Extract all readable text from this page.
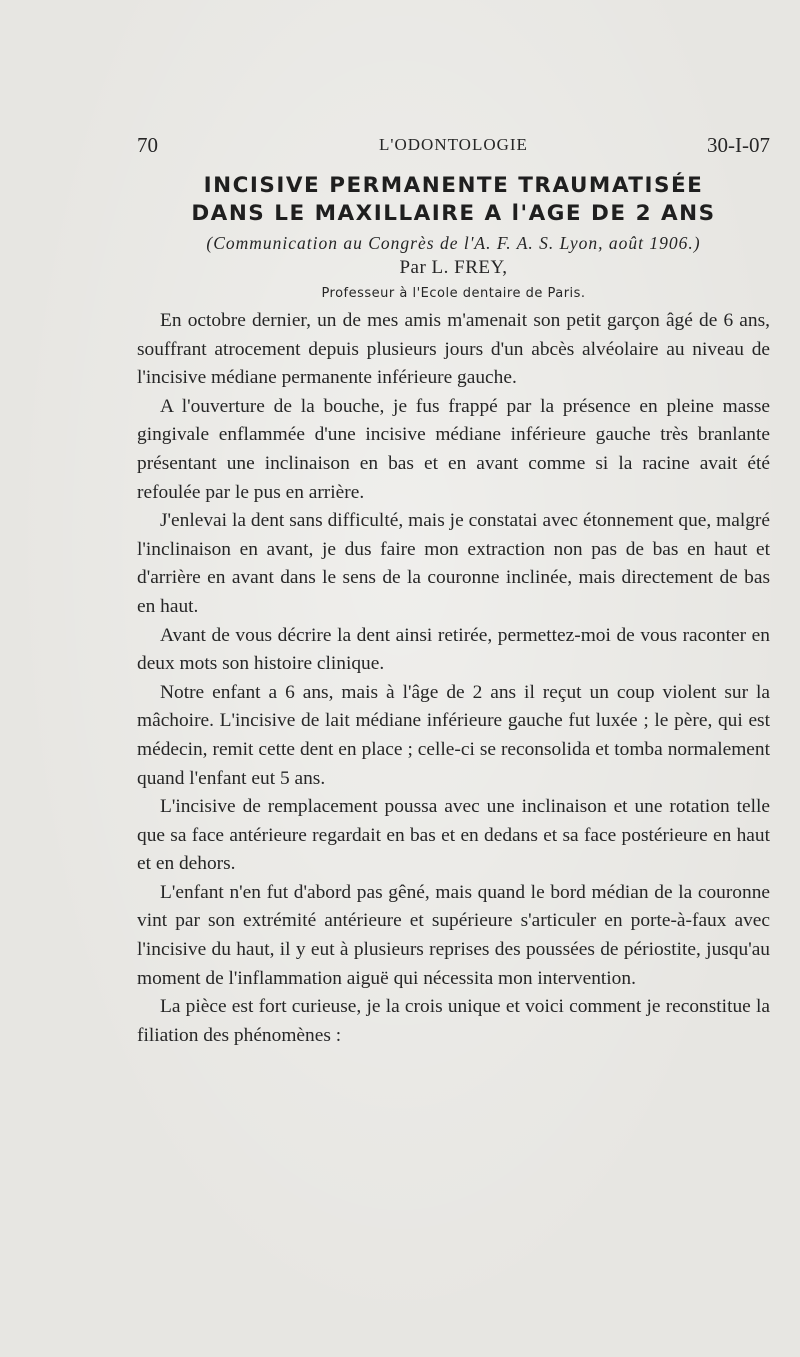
70	L'ODONTOLOGIE	30-I-07
INCISIVE PERMANENTE TRAUMATISÉE
DANS LE MAXILLAIRE A l'AGE DE 2 ANS
(Communication au Congrès de l'A. F. A. S. Lyon, août 1906.)
Par L. FREY,
Professeur à l'Ecole dentaire de Paris.

En octobre dernier, un de mes amis m'amenait son petit garçon âgé de 6 ans, souffrant atrocement depuis plusieurs jours d'un abcès alvéolaire au niveau de l'incisive médiane permanente inférieure gauche.

A l'ouverture de la bouche, je fus frappé par la présence en pleine masse gingivale enflammée d'une incisive médiane inférieure gauche très branlante présentant une inclinaison en bas et en avant comme si la racine avait été refoulée par le pus en arrière.

J'enlevai la dent sans difficulté, mais je constatai avec étonnement que, malgré l'inclinaison en avant, je dus faire mon extraction non pas de bas en haut et d'arrière en avant dans le sens de la couronne inclinée, mais directement de bas en haut.

Avant de vous décrire la dent ainsi retirée, permettez-moi de vous raconter en deux mots son histoire clinique.

Notre enfant a 6 ans, mais à l'âge de 2 ans il reçut un coup violent sur la mâchoire. L'incisive de lait médiane inférieure gauche fut luxée ; le père, qui est médecin, remit cette dent en place ; celle-ci se reconsolida et tomba normalement quand l'enfant eut 5 ans.

L'incisive de remplacement poussa avec une inclinaison et une rotation telle que sa face antérieure regardait en bas et en dedans et sa face postérieure en haut et en dehors.

L'enfant n'en fut d'abord pas gêné, mais quand le bord médian de la couronne vint par son extrémité antérieure et supérieure s'articuler en porte-à-faux avec l'incisive du haut, il y eut à plusieurs reprises des poussées de périostite, jusqu'au moment de l'inflammation aiguë qui nécessita mon intervention.

La pièce est fort curieuse, je la crois unique et voici comment je reconstitue la filiation des phénomènes :
